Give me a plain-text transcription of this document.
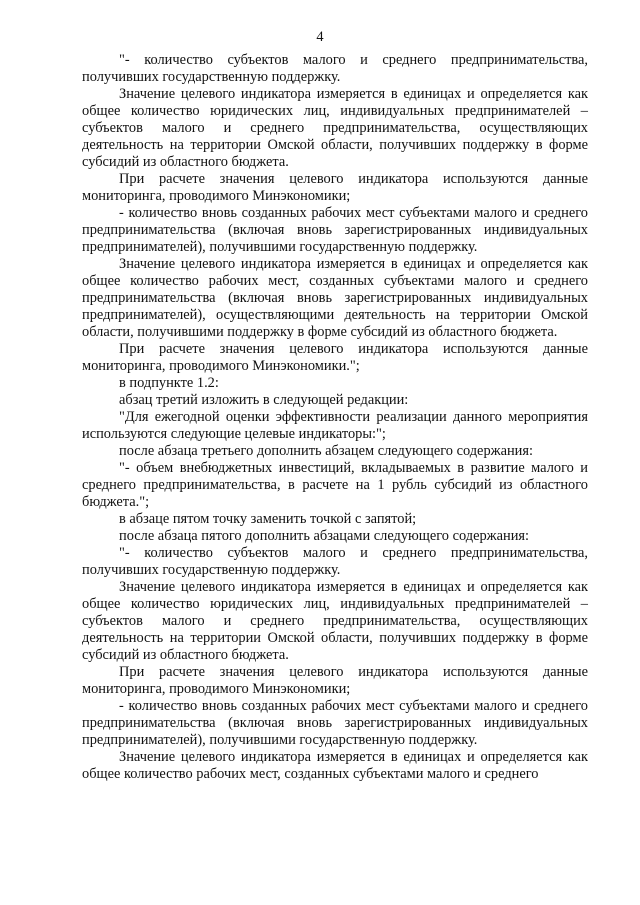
4

"- количество субъектов малого и среднего предпринимательства, получивших государственную поддержку.

Значение целевого индикатора измеряется в единицах и определяется как общее количество юридических лиц, индивидуальных предпринимателей – субъектов малого и среднего предпринимательства, осуществляющих деятельность на территории Омской области, получивших поддержку в форме субсидий из областного бюджета.

При расчете значения целевого индикатора используются данные мониторинга, проводимого Минэкономики;

- количество вновь созданных рабочих мест субъектами малого и среднего предпринимательства (включая вновь зарегистрированных индивидуальных предпринимателей), получившими государственную поддержку.

Значение целевого индикатора измеряется в единицах и определяется как общее количество рабочих мест, созданных субъектами малого и среднего предпринимательства (включая вновь зарегистрированных индивидуальных предпринимателей), осуществляющими деятельность на территории Омской области, получившими поддержку в форме субсидий из областного бюджета.

При расчете значения целевого индикатора используются данные мониторинга, проводимого Минэкономики.";

в подпункте 1.2:

абзац третий изложить в следующей редакции:

"Для ежегодной оценки эффективности реализации данного мероприятия используются следующие целевые индикаторы:";

после абзаца третьего дополнить абзацем следующего содержания:

"- объем внебюджетных инвестиций, вкладываемых в развитие малого и среднего предпринимательства, в расчете на 1 рубль субсидий из областного бюджета.";

в абзаце пятом точку заменить точкой с запятой;

после абзаца пятого дополнить абзацами следующего содержания:

"- количество субъектов малого и среднего предпринимательства, получивших государственную поддержку.

Значение целевого индикатора измеряется в единицах и определяется как общее количество юридических лиц, индивидуальных предпринимателей – субъектов малого и среднего предпринимательства, осуществляющих деятельность на территории Омской области, получивших поддержку в форме субсидий из областного бюджета.

При расчете значения целевого индикатора используются данные мониторинга, проводимого Минэкономики;

- количество вновь созданных рабочих мест субъектами малого и среднего предпринимательства (включая вновь зарегистрированных индивидуальных предпринимателей), получившими государственную поддержку.

Значение целевого индикатора измеряется в единицах и определяется как общее количество рабочих мест, созданных субъектами малого и среднего
